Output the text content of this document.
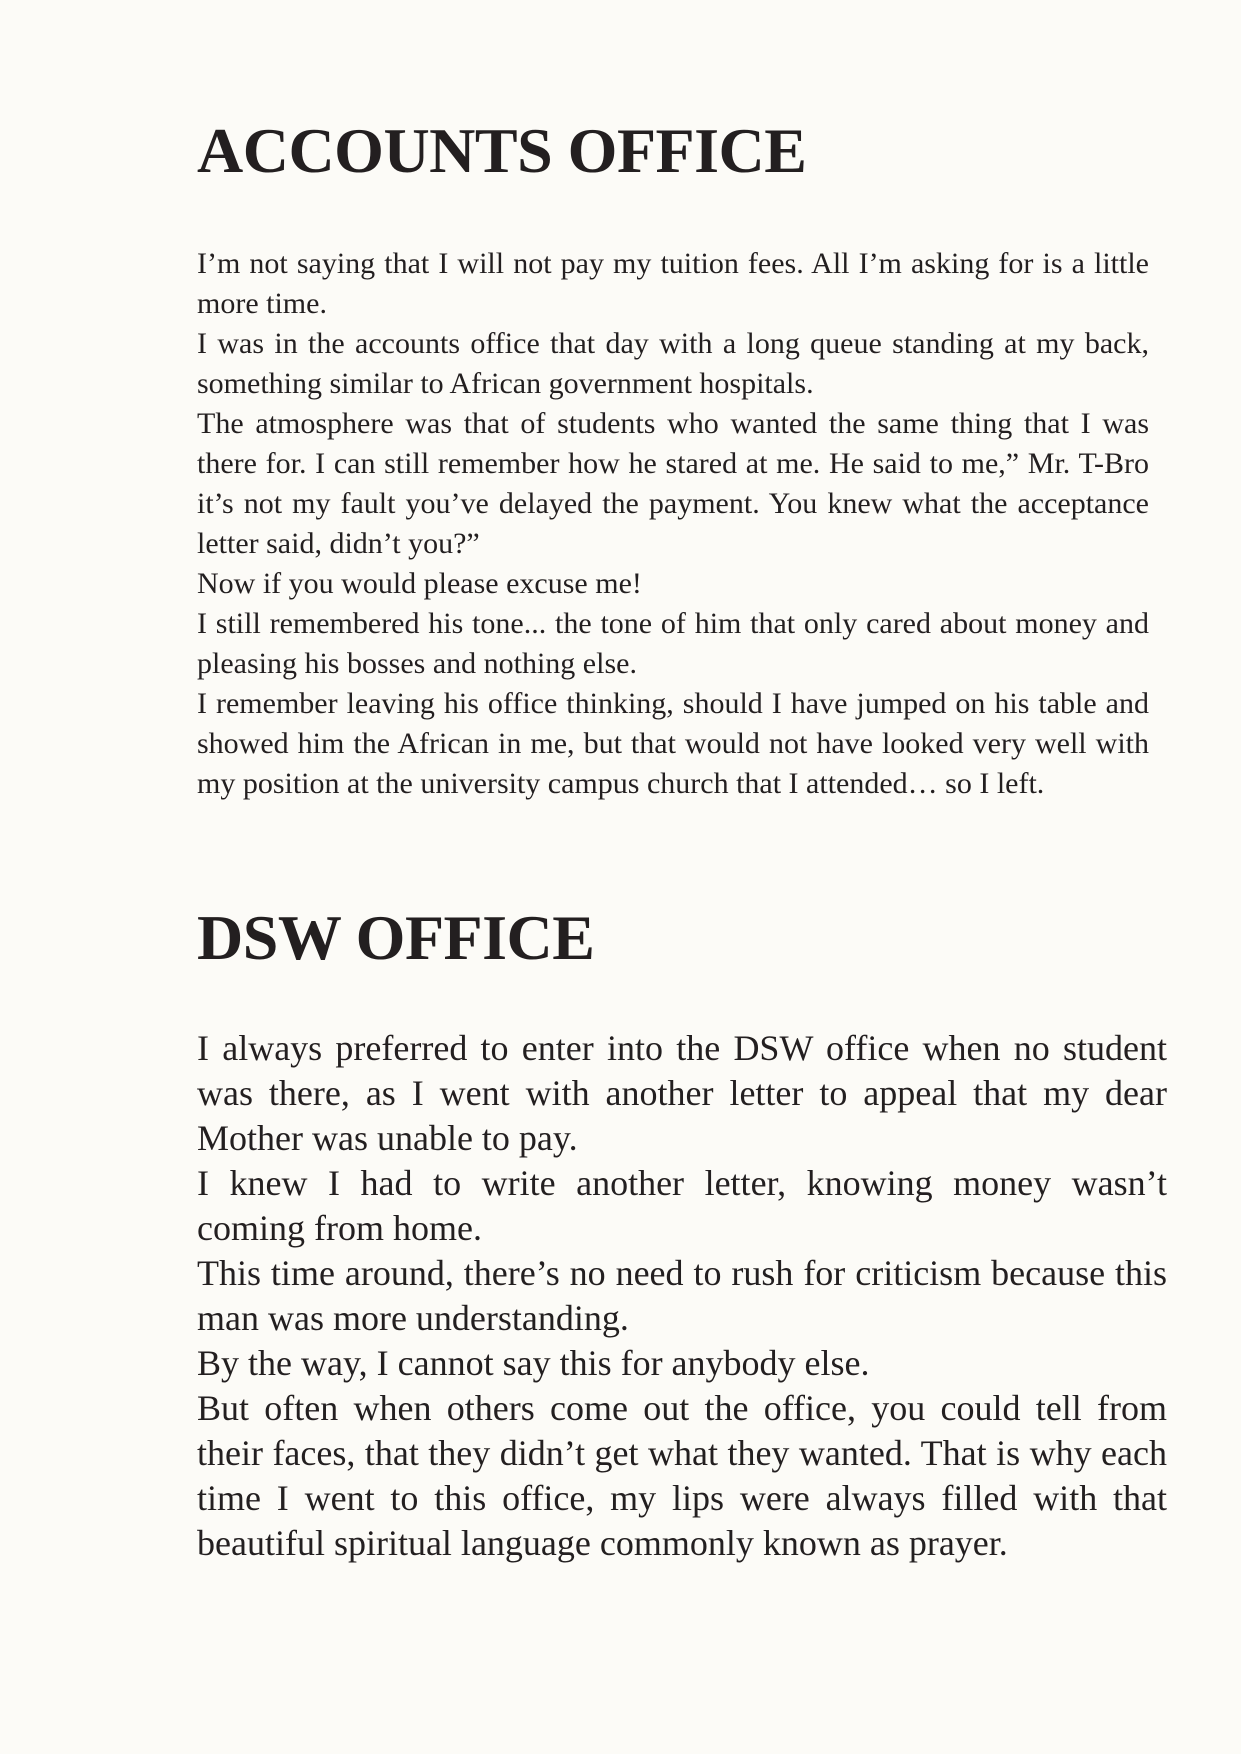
ACCOUNTS OFFICE

I’m not saying that I will not pay my tuition fees. All I’m asking for is a little more time.

I was in the accounts office that day with a long queue standing at my back, something similar to African government hospitals.

The atmosphere was that of students who wanted the same thing that I was there for. I can still remember how he stared at me. He said to me,” Mr. T-Bro it’s not my fault you’ve delayed the payment. You knew what the acceptance letter said, didn’t you?”

Now if you would please excuse me!

I still remembered his tone... the tone of him that only cared about money and pleasing his bosses and nothing else.

I remember leaving his office thinking, should I have jumped on his table and showed him the African in me, but that would not have looked very well with my position at the university campus church that I attended… so I left.

DSW OFFICE

I always preferred to enter into the DSW office when no student was there, as I went with another letter to appeal that my dear Mother was unable to pay.

I knew I had to write another letter, knowing money wasn’t coming from home.

This time around, there’s no need to rush for criticism because this man was more understanding.

By the way, I cannot say this for anybody else.

But often when others come out the office, you could tell from their faces, that they didn’t get what they wanted. That is why each time I went to this office, my lips were always filled with that beautiful spiritual language commonly known as prayer.
